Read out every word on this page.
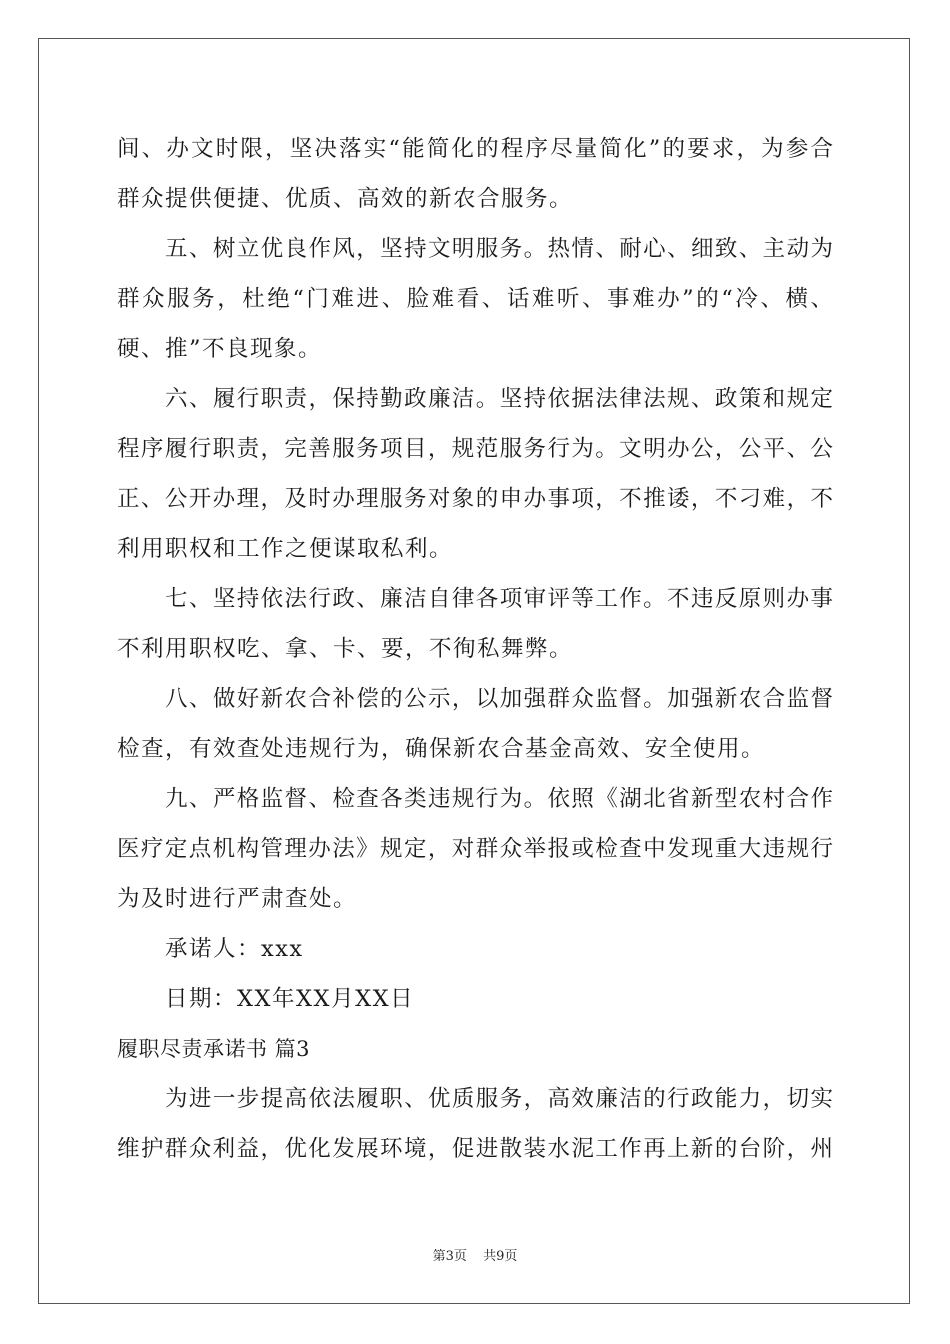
间、办文时限，坚决落实“能简化的程序尽量简化”的要求，为参合
群众提供便捷、优质、高效的新农合服务。
五、树立优良作风，坚持文明服务。热情、耐心、细致、主动为
群众服务，杜绝“门难进、脸难看、话难听、事难办”的“冷、横、
硬、推”不良现象。
六、履行职责，保持勤政廉洁。坚持依据法律法规、政策和规定
程序履行职责，完善服务项目，规范服务行为。文明办公，公平、公
正、公开办理，及时办理服务对象的申办事项，不推诿，不刁难，不
利用职权和工作之便谋取私利。
七、坚持依法行政、廉洁自律各项审评等工作。不违反原则办事
不利用职权吃、拿、卡、要，不徇私舞弊。
八、做好新农合补偿的公示，以加强群众监督。加强新农合监督
检查，有效查处违规行为，确保新农合基金高效、安全使用。
九、严格监督、检查各类违规行为。依照《湖北省新型农村合作
医疗定点机构管理办法》规定，对群众举报或检查中发现重大违规行
为及时进行严肃查处。
承诺人：xxx
日期：XX年XX月XX日
履职尽责承诺书 篇3
为进一步提高依法履职、优质服务，高效廉洁的行政能力，切实
维护群众利益，优化发展环境，促进散装水泥工作再上新的台阶，州
第3页 共9页
